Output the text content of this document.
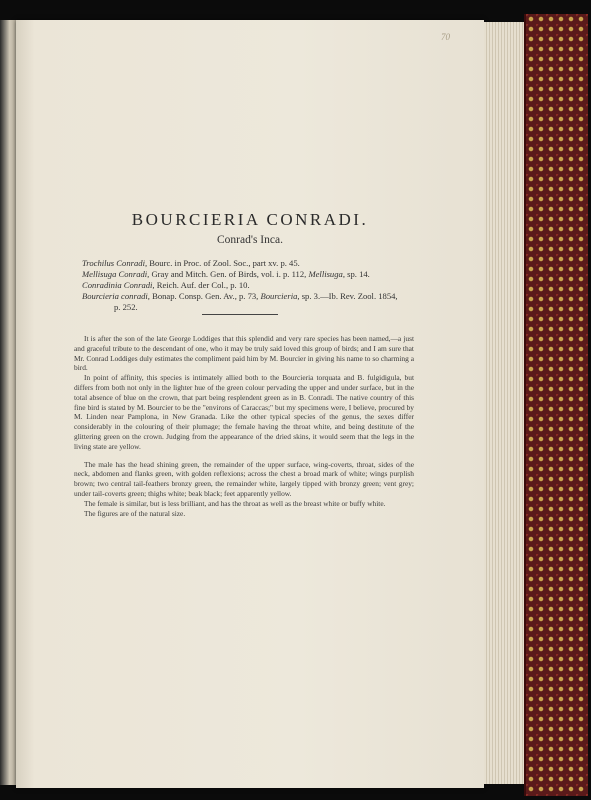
70
BOURCIERIA CONRADI.
Conrad's Inca.
Trochilus Conradi, Bourc. in Proc. of Zool. Soc., part xv. p. 45.
Mellisuga Conradi, Gray and Mitch. Gen. of Birds, vol. i. p. 112, Mellisuga, sp. 14.
Conradinia Conradi, Reich. Auf. der Col., p. 10.
Bourcieria conradi, Bonap. Consp. Gen. Av., p. 73, Bourcieria, sp. 3.—Ib. Rev. Zool. 1854,
p. 252.

It is after the son of the late George Loddiges that this splendid and very rare species has been named,—a just and graceful tribute to the descendant of one, who it may be truly said loved this group of birds; and I am sure that Mr. Conrad Loddiges duly estimates the compliment paid him by M. Bourcier in giving his name to so charming a bird.

In point of affinity, this species is intimately allied both to the Bourcieria torquata and B. fulgidigula, but differs from both not only in the lighter hue of the green colour pervading the upper and under surface, but in the total absence of blue on the crown, that part being resplendent green as in B. Conradi. The native country of this fine bird is stated by M. Bourcier to be the "environs of Caraccas;" but my specimens were, I believe, procured by M. Linden near Pamplona, in New Granada. Like the other typical species of the genus, the sexes differ considerably in the colouring of their plumage; the female having the throat white, and being destitute of the glittering green on the crown. Judging from the appearance of the dried skins, it would seem that the legs in the living state are yellow.

The male has the head shining green, the remainder of the upper surface, wing-coverts, throat, sides of the neck, abdomen and flanks green, with golden reflexions; across the chest a broad mark of white; wings purplish brown; two central tail-feathers bronzy green, the remainder white, largely tipped with bronzy green; vent grey; under tail-coverts green; thighs white; beak black; feet apparently yellow.

The female is similar, but is less brilliant, and has the throat as well as the breast white or buffy white.

The figures are of the natural size.
